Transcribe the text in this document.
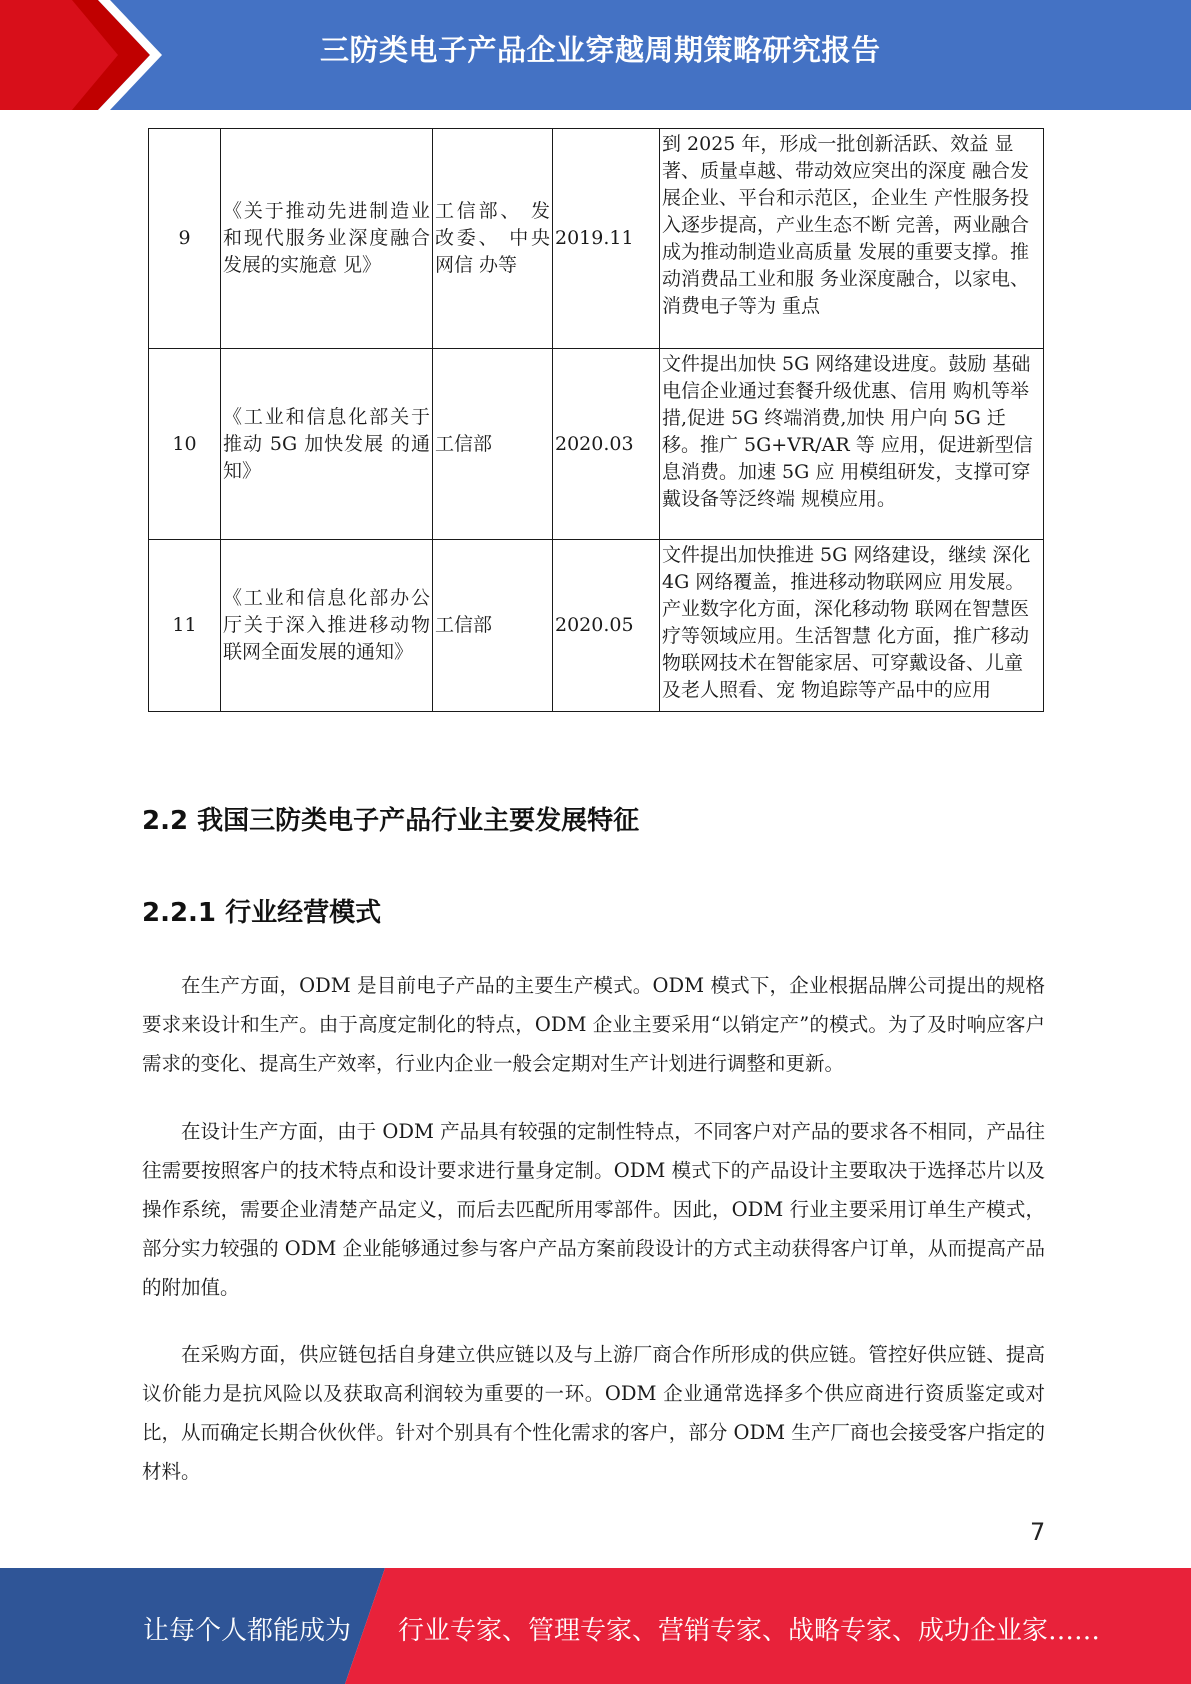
三防类电子产品企业穿越周期策略研究报告
9	《关于推动先进制造业和现代服务业深度融合发展的实施意 见》	工信部、 发改委、 中央网信 办等	2019.11	到 2025 年，形成一批创新活跃、效益 显著、质量卓越、带动效应突出的深度 融合发展企业、平台和示范区，企业生 产性服务投入逐步提高，产业生态不断 完善，两业融合成为推动制造业高质量 发展的重要支撑。推动消费品工业和服 务业深度融合，以家电、消费电子等为 重点
10	《工业和信息化部关于推动 5G 加快发展 的通知》	工信部	2020.03	文件提出加快 5G 网络建设进度。鼓励 基础电信企业通过套餐升级优惠、信用 购机等举措,促进 5G 终端消费,加快 用户向 5G 迁移。推广 5G+VR/AR 等 应用，促进新型信息消费。加速 5G 应 用模组研发，支撑可穿戴设备等泛终端 规模应用。
11	《工业和信息化部办公厅关于深入推进移动物联网全面发展的通知》	工信部	2020.05	文件提出加快推进 5G 网络建设，继续 深化 4G 网络覆盖，推进移动物联网应 用发展。产业数字化方面，深化移动物 联网在智慧医疗等领域应用。生活智慧 化方面，推广移动物联网技术在智能家居、可穿戴设备、儿童及老人照看、宠 物追踪等产品中的应用
2.2 我国三防类电子产品行业主要发展特征
2.2.1 行业经营模式

在生产方面，ODM 是目前电子产品的主要生产模式。ODM 模式下，企业根据品牌公司提出的规格要求来设计和生产。由于高度定制化的特点，ODM 企业主要采用“以销定产”的模式。为了及时响应客户需求的变化、提高生产效率，行业内企业一般会定期对生产计划进行调整和更新。

在设计生产方面，由于 ODM 产品具有较强的定制性特点，不同客户对产品的要求各不相同，产品往往需要按照客户的技术特点和设计要求进行量身定制。ODM 模式下的产品设计主要取决于选择芯片以及操作系统，需要企业清楚产品定义，而后去匹配所用零部件。因此，ODM 行业主要采用订单生产模式，部分实力较强的 ODM 企业能够通过参与客户产品方案前段设计的方式主动获得客户订单，从而提高产品的附加值。

在采购方面，供应链包括自身建立供应链以及与上游厂商合作所形成的供应链。管控好供应链、提高议价能力是抗风险以及获取高利润较为重要的一环。ODM 企业通常选择多个供应商进行资质鉴定或对比，从而确定长期合伙伙伴。针对个别具有个性化需求的客户，部分 ODM 生产厂商也会接受客户指定的材料。

7
让每个人都能成为 行业专家、管理专家、营销专家、战略专家、成功企业家……
